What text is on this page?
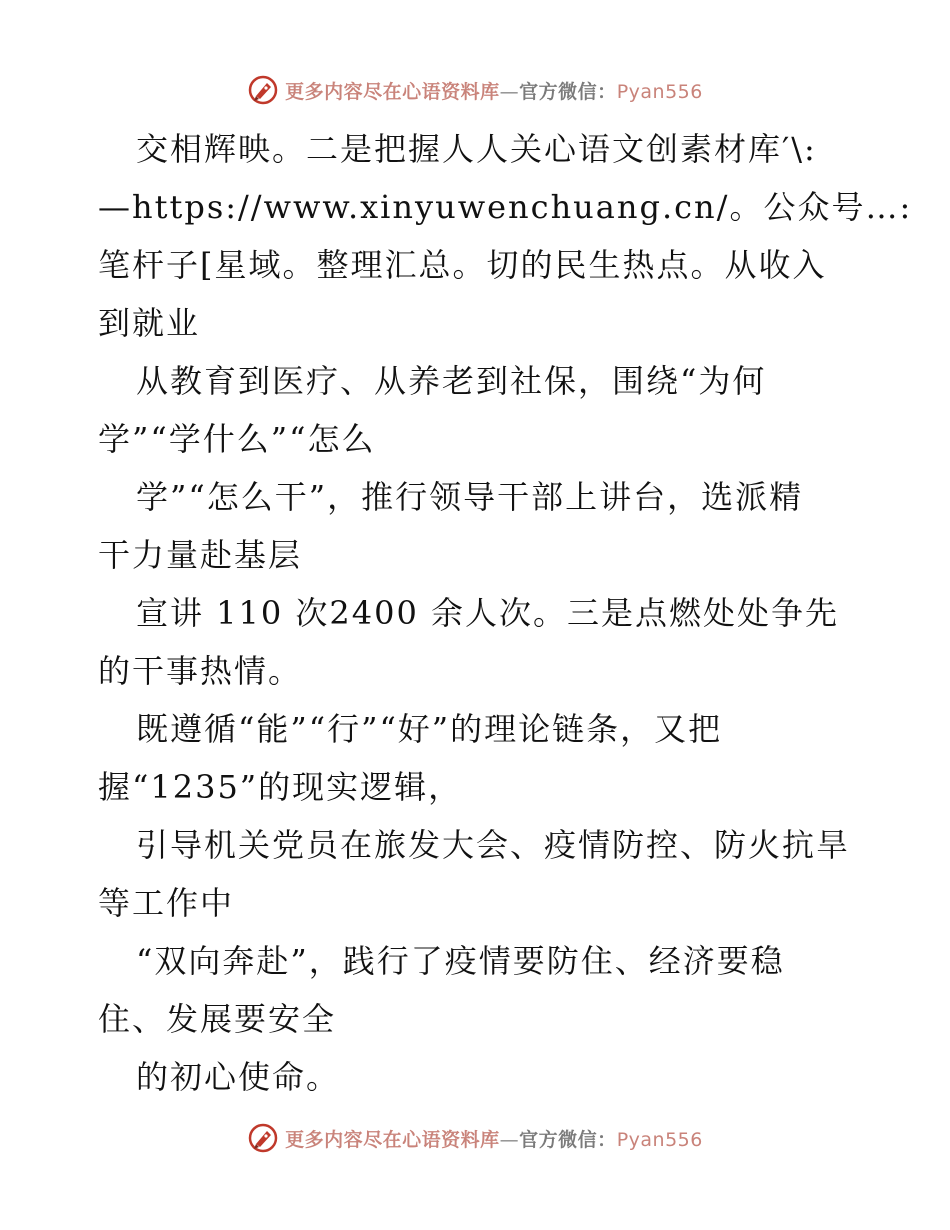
更多内容尽在心语资料库—官方微信：Pyan556
交相辉映。二是把握人人关心语文创素材库′\:
—https://www.xinyuwenchuang.cn/。公众号…:
笔杆子[星域。整理汇总。切的民生热点。从收入
到就业
从教育到医疗、从养老到社保，围绕“为何
学”“学什么”“怎么
学”“怎么干”，推行领导干部上讲台，选派精
干力量赴基层
宣讲 110 次2400 余人次。三是点燃处处争先
的干事热情。
既遵循“能”“行”“好”的理论链条，又把
握“1235”的现实逻辑，
引导机关党员在旅发大会、疫情防控、防火抗旱
等工作中
“双向奔赴”，践行了疫情要防住、经济要稳
住、发展要安全
的初心使命。
更多内容尽在心语资料库—官方微信：Pyan556
